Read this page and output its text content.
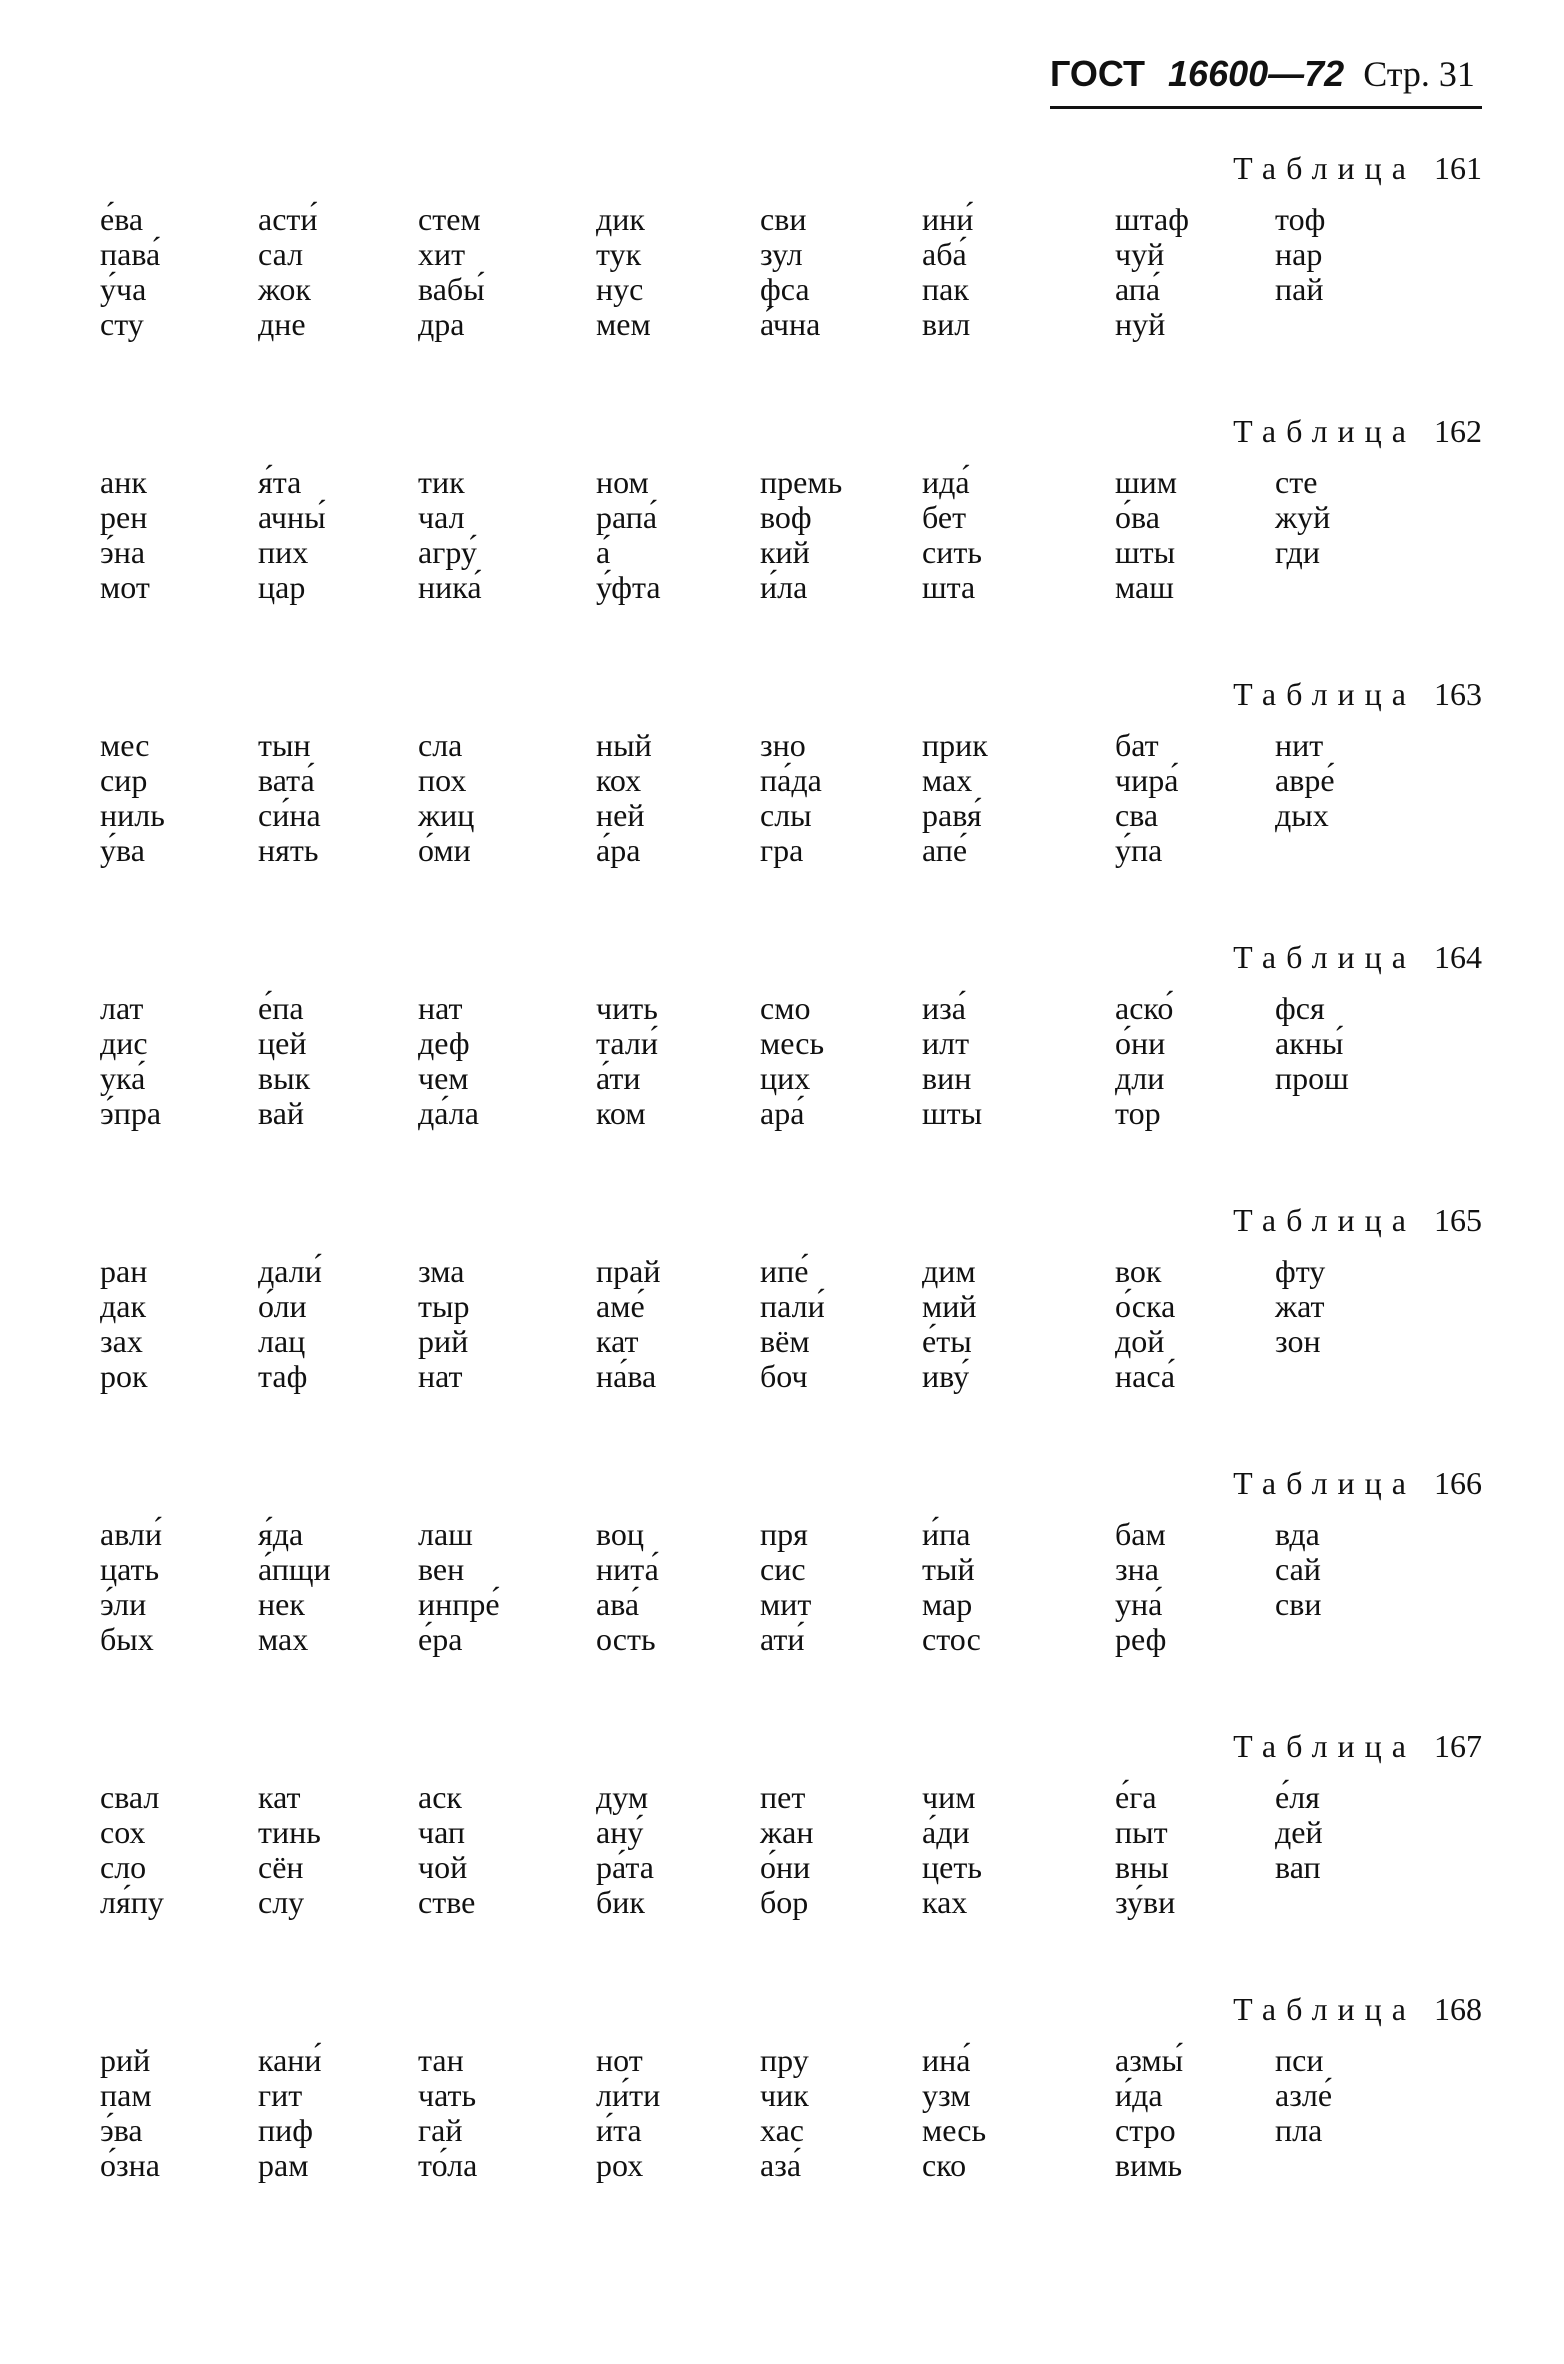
ГОСТ 16600—72 Стр. 31
Таблица 161
е́ва
пава́
у́ча
сту
асти́
сал
жок
дне
стем
хит
вабы́
дра
дик
тук
нус
мем
сви
зул
фса
а́чна
ини́
аба́
пак
вил
штаф
чуй
апа́
нуй
тоф
нар
пай
Таблица 162
анк
рен
э́на
мот
я́та
ачны́
пих
цар
тик
чал
агру́
ника́
ном
рапа́
а́
у́фта
премь
воф
кий
и́ла
ида́
бет
сить
шта
шим
о́ва
шты
маш
сте
жуй
гди
Таблица 163
мес
сир
ниль
у́ва
тын
вата́
си́на
нять
сла
пох
жиц
о́ми
ный
кох
ней
а́ра
зно
па́да
слы
гра
прик
мах
равя́
апе́
бат
чира́
сва
у́па
нит
авре́
дых
Таблица 164
лат
дис
ука́
э́пра
е́па
цей
вык
вай
нат
деф
чем
да́ла
чить
тали́
а́ти
ком
смо
месь
цих
ара́
иза́
илт
вин
шты
аско́
о́ни
дли
тор
фся
акны́
прош
Таблица 165
ран
дак
зах
рок
дали́
о́ли
лац
таф
зма
тыр
рий
нат
прай
аме́
кат
на́ва
ипе́
пали́
вём
боч
дим
мий
е́ты
иву́
вок
о́ска
дой
наса́
фту
жат
зон
Таблица 166
авли́
цать
э́ли
бых
я́да
а́пщи
нек
мах
лаш
вен
инпре́
е́ра
воц
нита́
ава́
ость
пря
сис
мит
ати́
и́па
тый
мар
стос
бам
зна
уна́
реф
вда
сай
сви
Таблица 167
свал
сох
сло
ля́пу
кат
тинь
сён
слу
аск
чап
чой
стве
дум
ану́
ра́та
бик
пет
жан
о́ни
бор
чим
а́ди
цеть
ках
е́га
пыт
вны
зу́ви
е́ля
дей
вап
Таблица 168
рий
пам
э́ва
о́зна
кани́
гит
пиф
рам
тан
чать
гай
то́ла
нот
ли́ти
и́та
рох
пру
чик
хас
аза́
ина́
узм
месь
ско
азмы́
и́да
стро
вимь
пси
азле́
пла
